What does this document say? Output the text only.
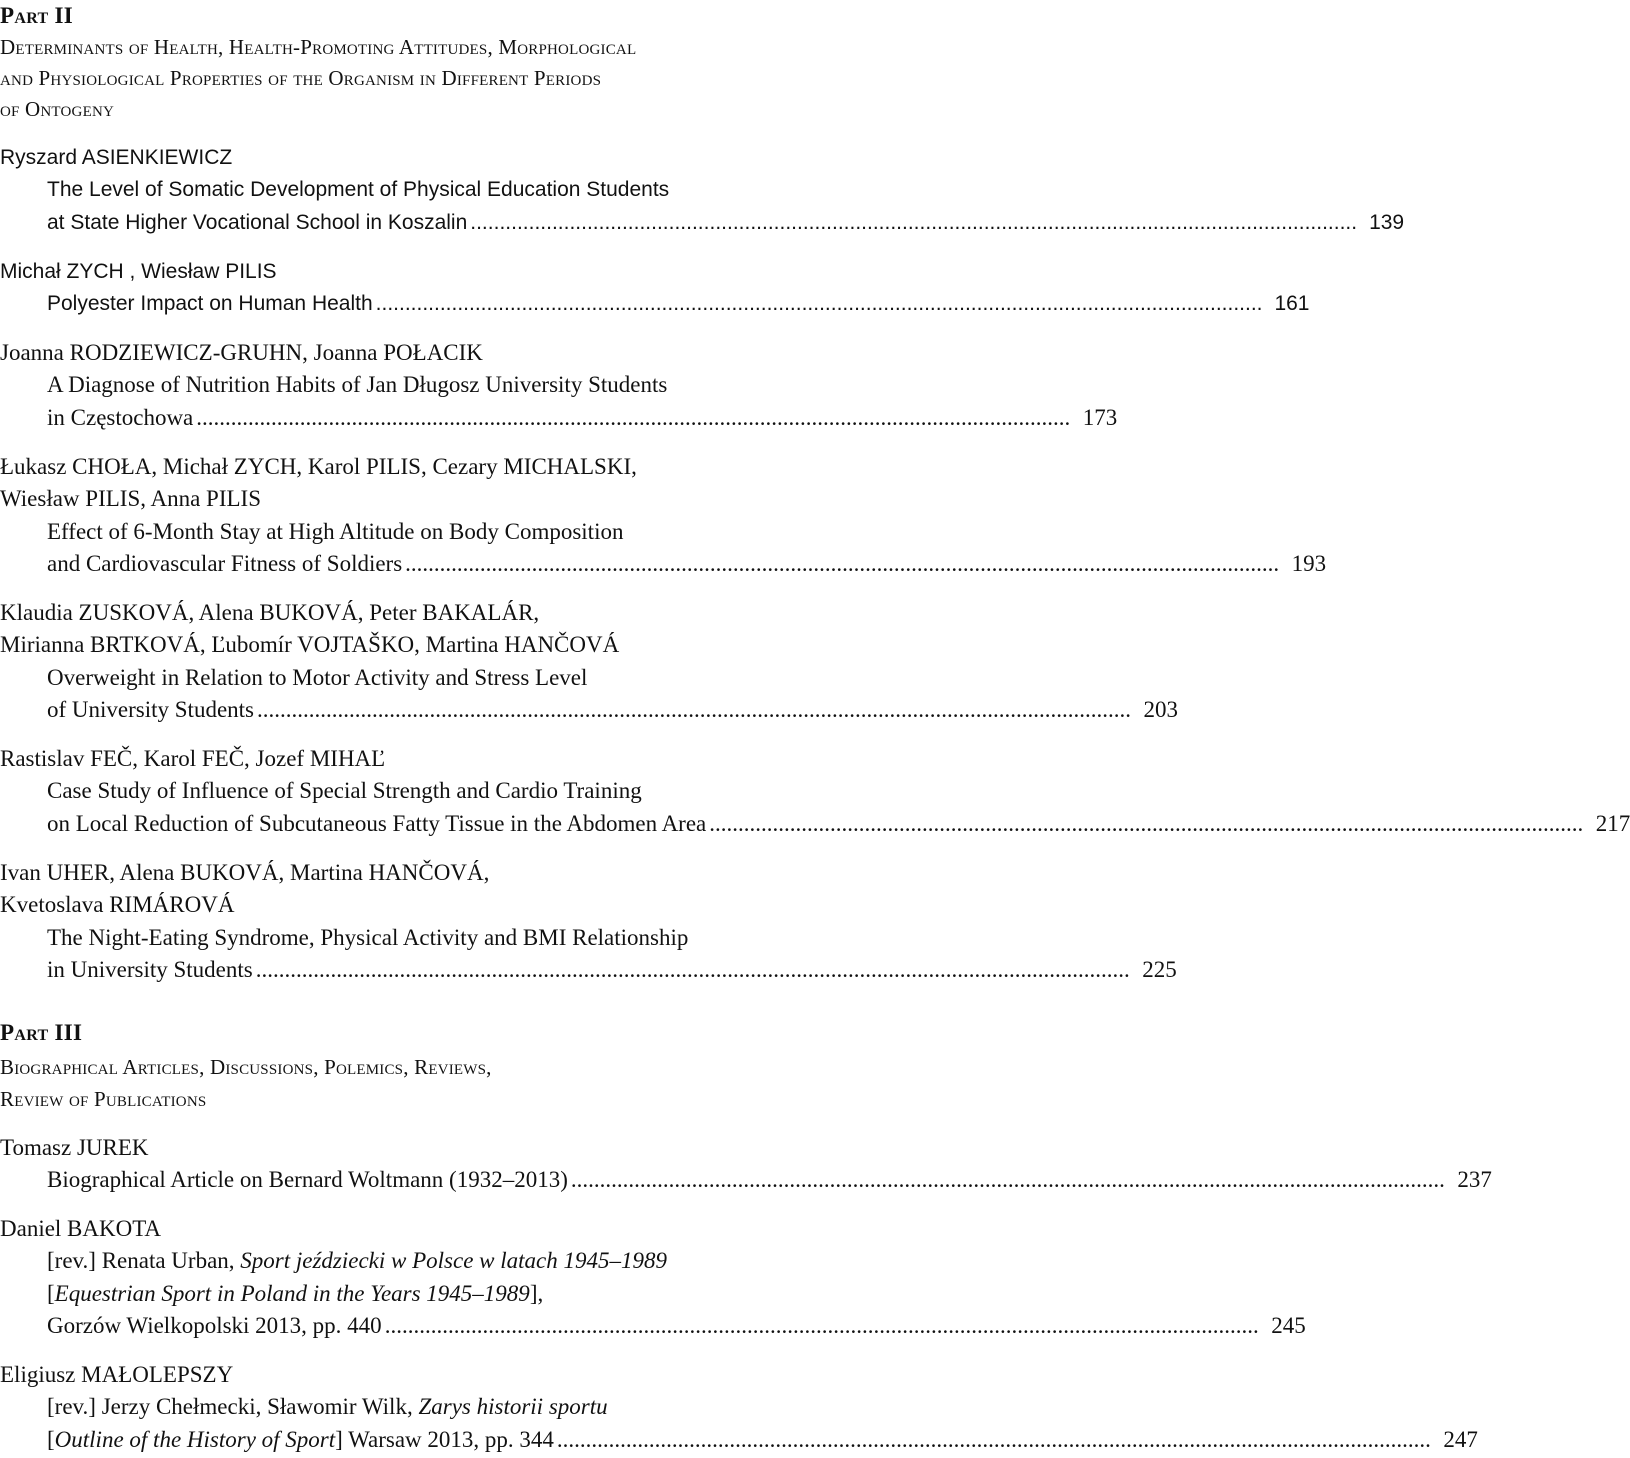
Part II
Determinants of Health, Health-Promoting Attitudes, Morphological
and Physiological Properties of the Organism in Different Periods
of Ontogeny
Ryszard ASIENKIEWICZ
The Level of Somatic Development of Physical Education Students
at State Higher Vocational School in Koszalin ........................................................................................................................................................ 139
Michał ZYCH , Wiesław PILIS
Polyester Impact on Human Health ........................................................................................................................................................ 161
Joanna RODZIEWICZ-GRUHN, Joanna POŁACIK
A Diagnose of Nutrition Habits of Jan Długosz University Students
in Częstochowa ........................................................................................................................................................ 173
Łukasz CHOŁA, Michał ZYCH, Karol PILIS, Cezary MICHALSKI,
Wiesław PILIS, Anna PILIS
Effect of 6-Month Stay at High Altitude on Body Composition
and Cardiovascular Fitness of Soldiers ........................................................................................................................................................ 193
Klaudia ZUSKOVÁ, Alena BUKOVÁ, Peter BAKALÁR,
Mirianna BRTKOVÁ, Ľubomír VOJTAŠKO, Martina HANČOVÁ
Overweight in Relation to Motor Activity and Stress Level
of University Students ........................................................................................................................................................ 203
Rastislav FEČ, Karol FEČ, Jozef MIHAĽ
Case Study of Influence of Special Strength and Cardio Training
on Local Reduction of Subcutaneous Fatty Tissue in the Abdomen Area ........................................................................................................................................................ 217
Ivan UHER, Alena BUKOVÁ, Martina HANČOVÁ,
Kvetoslava RIMÁROVÁ
The Night-Eating Syndrome, Physical Activity and BMI Relationship
in University Students ........................................................................................................................................................ 225
Part III
Biographical Articles, Discussions, Polemics, Reviews,
Review of Publications
Tomasz JUREK
Biographical Article on Bernard Woltmann (1932–2013) ........................................................................................................................................................ 237
Daniel BAKOTA
[rev.] Renata Urban, Sport jeździecki w Polsce w latach 1945–1989
[Equestrian Sport in Poland in the Years 1945–1989],
Gorzów Wielkopolski 2013, pp. 440 ........................................................................................................................................................ 245
Eligiusz MAŁOLEPSZY
[rev.] Jerzy Chełmecki, Sławomir Wilk, Zarys historii sportu
[Outline of the History of Sport] Warsaw 2013, pp. 344 ........................................................................................................................................................ 247
